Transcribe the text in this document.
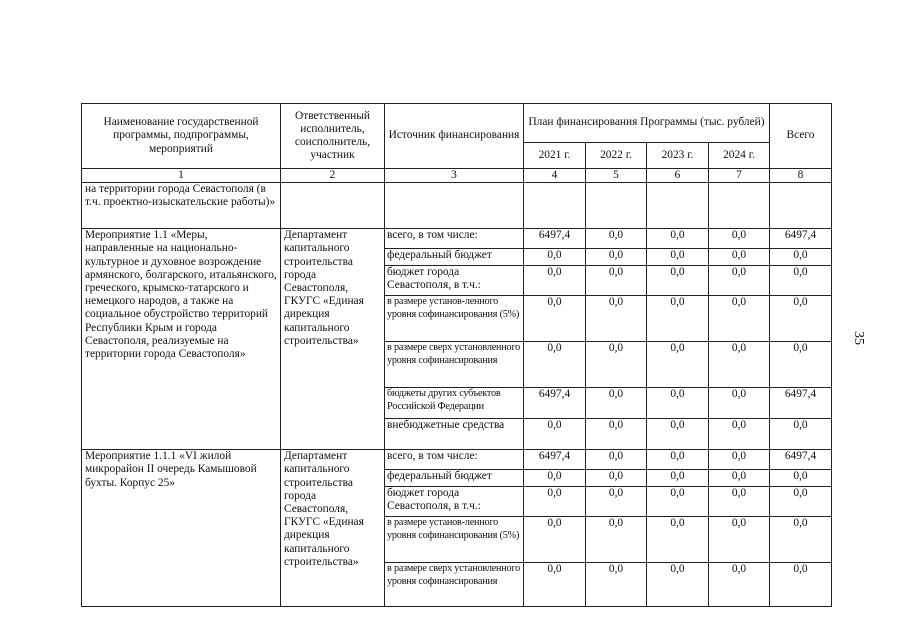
Наименование государственной программы, подпрограммы, мероприятий	Ответственный исполнитель, соисполнитель, участник	Источник финансирования	План финансирования Программы (тыс. рублей)				Всего
			2021 г.	2022 г.	2023 г.	2024 г.	
1	2	3	4	5	6	7	8
на территории города Севастополя (в т.ч. проектно-изыскательские работы)»							
Мероприятие 1.1 «Меры, направленные на национально-культурное и духовное возрождение армянского, болгарского, итальянского, греческого, крымско-татарского и немецкого народов, а также на социальное обустройство территорий Республики Крым и города Севастополя, реализуемые на территории города Севастополя»	Департамент капитального строительства города Севастополя, ГКУГС «Единая дирекция капитального строительства»	всего, в том числе:	6497,4	0,0	0,0	0,0	6497,4
		федеральный бюджет	0,0	0,0	0,0	0,0	0,0
		бюджет города Севастополя, в т.ч.:	0,0	0,0	0,0	0,0	0,0
		в размере установ-ленного уровня софинансирования (5%)	0,0	0,0	0,0	0,0	0,0
		в размере сверх установленного уровня софинансирования	0,0	0,0	0,0	0,0	0,0
		бюджеты других субъектов Российской Федерации	6497,4	0,0	0,0	0,0	6497,4
		внебюджетные средства	0,0	0,0	0,0	0,0	0,0
Мероприятие 1.1.1 «VI жилой микрорайон II очередь Камышовой бухты. Корпус 25»	Департамент капитального строительства города Севастополя, ГКУГС «Единая дирекция капитального строительства»	всего, в том числе:	6497,4	0,0	0,0	0,0	6497,4
		федеральный бюджет	0,0	0,0	0,0	0,0	0,0
		бюджет города Севастополя, в т.ч.:	0,0	0,0	0,0	0,0	0,0
		в размере установ-ленного уровня софинансирования (5%)	0,0	0,0	0,0	0,0	0,0
		в размере сверх установленного уровня софинансирования	0,0	0,0	0,0	0,0	0,0
35
